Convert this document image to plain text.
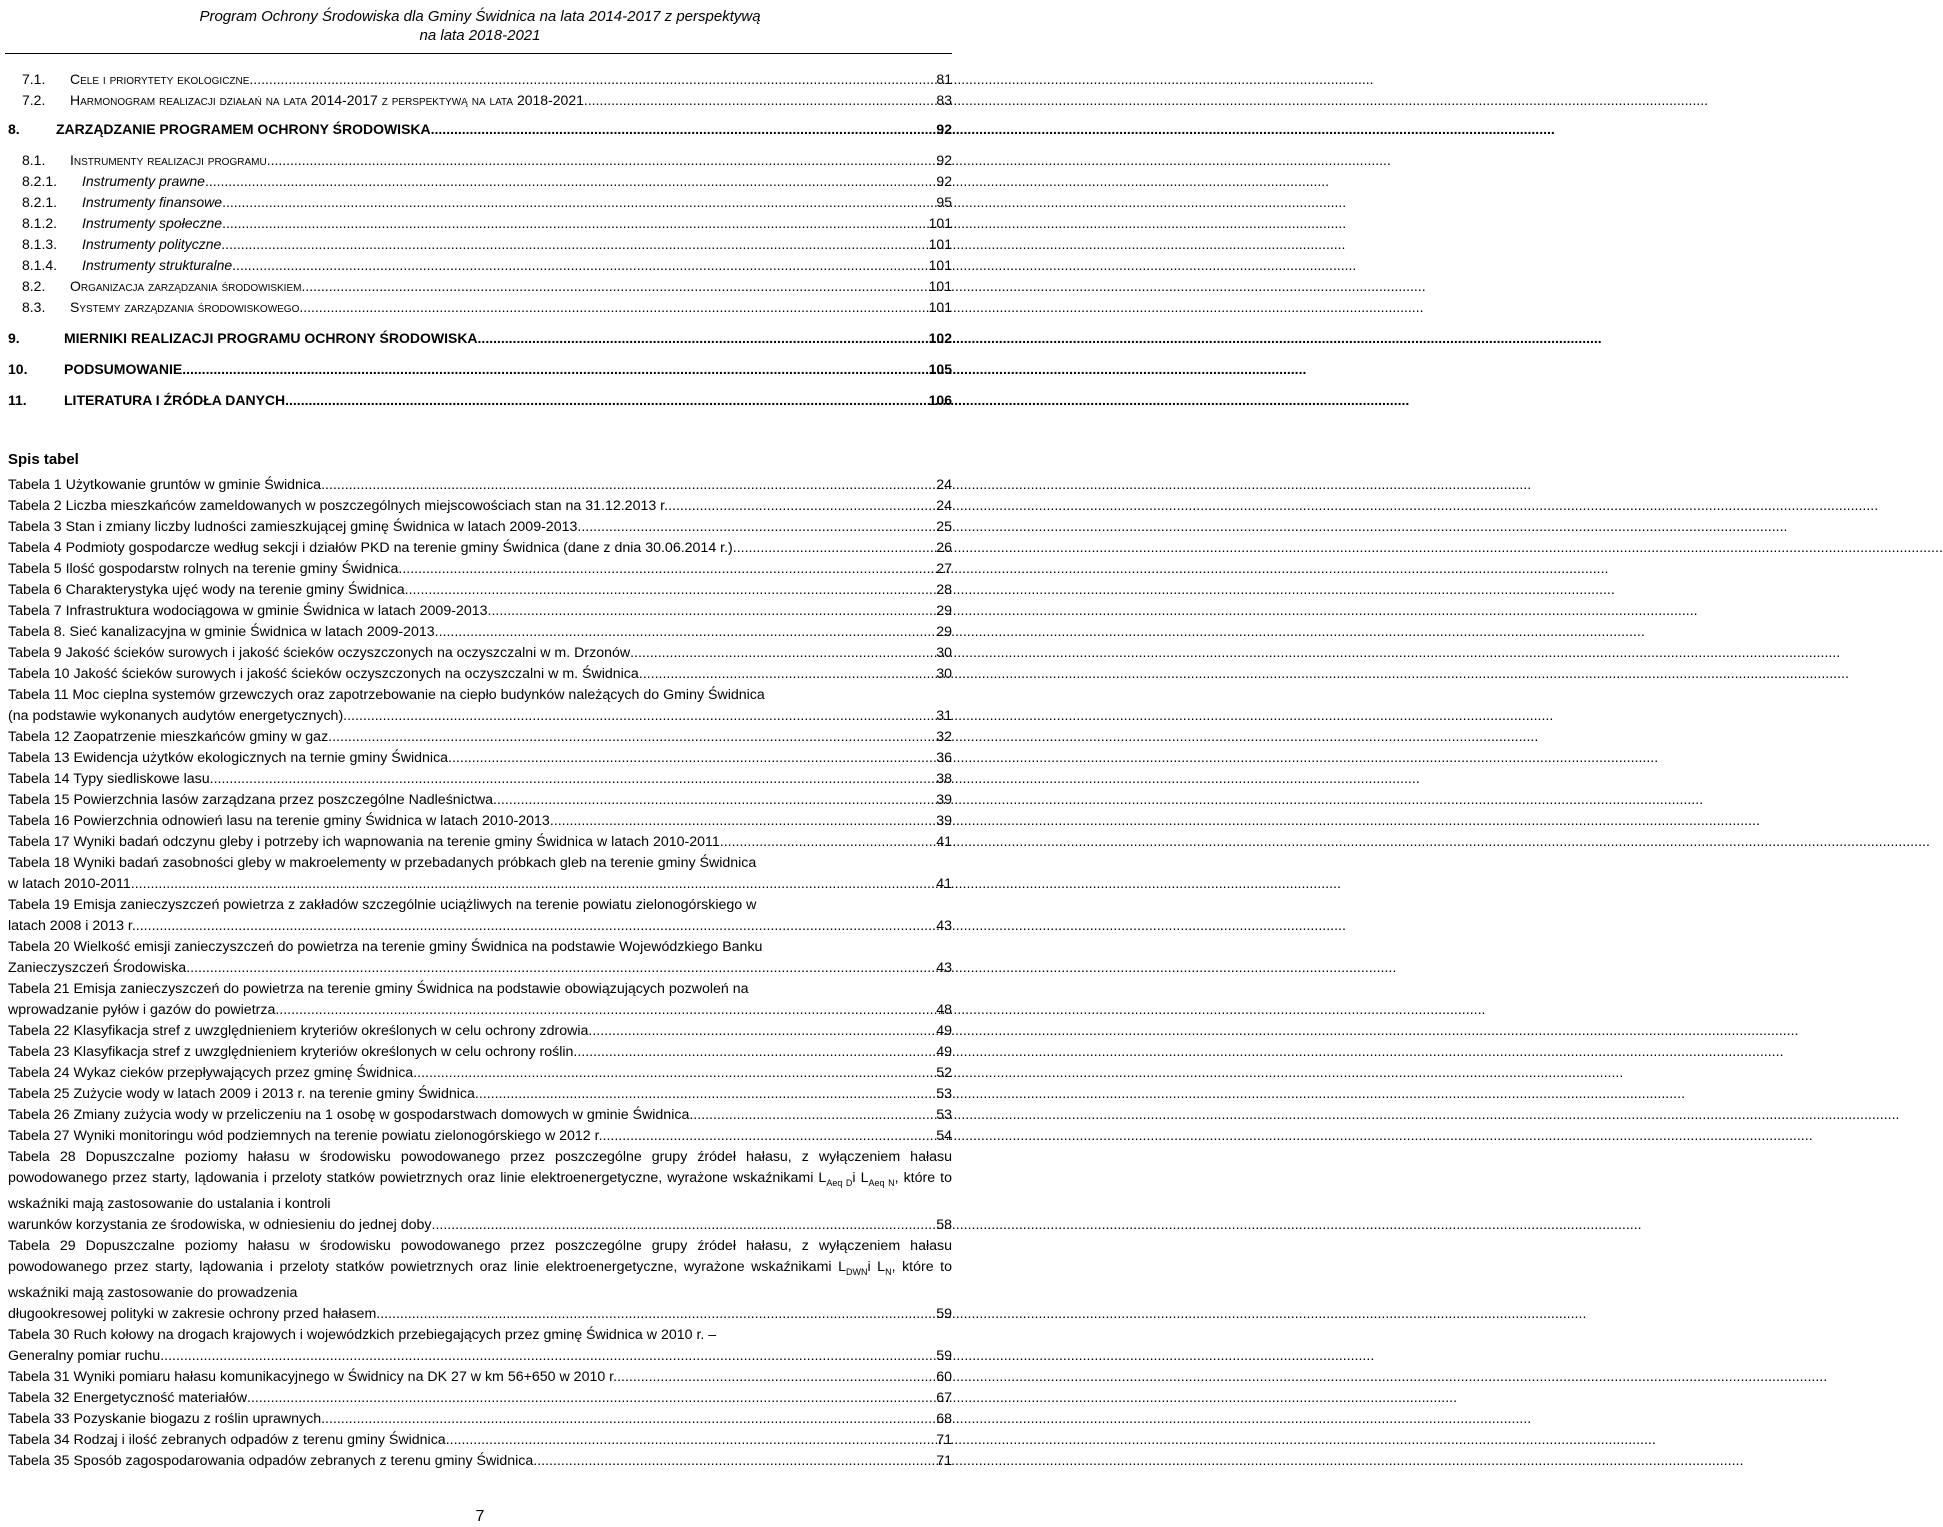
Program Ochrony Środowiska dla Gminy Świdnica na lata 2014-2017 z perspektywą
na lata 2018-2021
7.1.	Cele i priorytety ekologiczne .....	81
7.2.	Harmonogram realizacji działań na lata 2014-2017 z perspektywą na lata 2018-2021 .....	83
8.	ZARZĄDZANIE PROGRAMEM OCHRONY ŚRODOWISKA .....	92
8.1.	Instrumenty realizacji programu .....	92
8.2.1.	Instrumenty prawne .....	92
8.2.1.	Instrumenty finansowe .....	95
8.1.2.	Instrumenty społeczne .....	101
8.1.3.	Instrumenty polityczne .....	101
8.1.4.	Instrumenty strukturalne .....	101
8.2.	Organizacja zarządzania środowiskiem .....	101
8.3.	Systemy zarządzania środowiskowego .....	101
9.	MIERNIKI REALIZACJI PROGRAMU OCHRONY ŚRODOWISKA .....	102
10.	PODSUMOWANIE .....	105
11.	LITERATURA I ŹRÓDŁA DANYCH .....	106
Spis tabel
Tabela 1 Użytkowanie gruntów w gminie Świdnica .....	24
Tabela 2 Liczba mieszkańców zameldowanych w poszczególnych miejscowościach stan na 31.12.2013 r. .....	24
Tabela 3 Stan i zmiany liczby ludności zamieszkującej gminę Świdnica w latach 2009-2013 .....	25
Tabela 4 Podmioty gospodarcze według sekcji i działów PKD na terenie gminy Świdnica (dane z dnia 30.06.2014 r.) .....	26
Tabela 5 Ilość gospodarstw rolnych na terenie gminy Świdnica .....	27
Tabela 6 Charakterystyka ujęć wody na terenie gminy Świdnica .....	28
Tabela 7 Infrastruktura wodociągowa w gminie Świdnica w latach 2009-2013 .....	29
Tabela 8. Sieć kanalizacyjna w gminie Świdnica w latach 2009-2013 .....	29
Tabela 9 Jakość ścieków surowych i jakość ścieków oczyszczonych na oczyszczalni w m. Drzonów .....	30
Tabela 10 Jakość ścieków surowych i jakość ścieków oczyszczonych na oczyszczalni w m. Świdnica .....	30
Tabela 11 Moc cieplna systemów grzewczych oraz zapotrzebowanie na ciepło budynków należących do Gminy Świdnica
(na podstawie wykonanych audytów energetycznych) .....	31
Tabela 12 Zaopatrzenie mieszkańców gminy w gaz .....	32
Tabela 13 Ewidencja użytków ekologicznych na ternie gminy Świdnica .....	36
Tabela 14 Typy siedliskowe lasu .....	38
Tabela 15 Powierzchnia lasów zarządzana przez poszczególne Nadleśnictwa .....	39
Tabela 16 Powierzchnia odnowień lasu na terenie gminy Świdnica w latach 2010-2013 .....	39
Tabela 17 Wyniki badań odczynu gleby i potrzeby ich wapnowania na terenie gminy Świdnica w latach 2010-2011 .....	41
Tabela 18 Wyniki badań zasobności gleby w makroelementy w przebadanych próbkach gleb na terenie gminy Świdnica
w latach 2010-2011 .....	41
Tabela 19 Emisja zanieczyszczeń powietrza z zakładów szczególnie uciążliwych na terenie powiatu zielonogórskiego w
latach 2008 i 2013 r. .....	43
Tabela 20 Wielkość emisji zanieczyszczeń do powietrza na terenie gminy Świdnica na podstawie Wojewódzkiego Banku
Zanieczyszczeń Środowiska .....	43
Tabela 21 Emisja zanieczyszczeń do powietrza na terenie gminy Świdnica na podstawie obowiązujących pozwoleń na
wprowadzanie pyłów i gazów do powietrza .....	48
Tabela 22 Klasyfikacja stref z uwzględnieniem kryteriów określonych w celu ochrony zdrowia .....	49
Tabela 23 Klasyfikacja stref z uwzględnieniem kryteriów określonych w celu ochrony roślin .....	49
Tabela 24 Wykaz cieków przepływających przez gminę Świdnica .....	52
Tabela 25 Zużycie wody w latach 2009 i 2013 r. na terenie gminy Świdnica .....	53
Tabela 26 Zmiany zużycia wody w przeliczeniu na 1 osobę w gospodarstwach domowych w gminie Świdnica .....	53
Tabela 27 Wyniki monitoringu wód podziemnych na terenie powiatu zielonogórskiego w 2012 r. .....	54
Tabela 28 Dopuszczalne poziomy hałasu w środowisku powodowanego przez poszczególne grupy źródeł hałasu, z wyłączeniem hałasu powodowanego przez starty, lądowania i przeloty statków powietrznych oraz linie elektroenergetyczne, wyrażone wskaźnikami $L_{Aeq D}i$ $L_{Aeq N}$, które to wskaźniki mają zastosowanie do ustalania i kontroli
warunków korzystania ze środowiska, w odniesieniu do jednej doby .....	58
Tabela 29 Dopuszczalne poziomy hałasu w środowisku powodowanego przez poszczególne grupy źródeł hałasu, z wyłączeniem hałasu powodowanego przez starty, lądowania i przeloty statków powietrznych oraz linie elektroenergetyczne, wyrażone wskaźnikami $L_{DWN}i$ $L_N$, które to wskaźniki mają zastosowanie do prowadzenia
długookresowej polityki w zakresie ochrony przed hałasem .....	59
Tabela 30 Ruch kołowy na drogach krajowych i wojewódzkich przebiegających przez gminę Świdnica w 2010 r. –
Generalny pomiar ruchu. .....	59
Tabela 31 Wyniki pomiaru hałasu komunikacyjnego w Świdnicy na DK 27 w km 56+650 w 2010 r. .....	60
Tabela 32 Energetyczność materiałów .....	67
Tabela 33 Pozyskanie biogazu z roślin uprawnych .....	68
Tabela 34 Rodzaj i ilość zebranych odpadów z terenu gminy Świdnica .....	71
Tabela 35 Sposób zagospodarowania odpadów zebranych z terenu gminy Świdnica .....	71
7
